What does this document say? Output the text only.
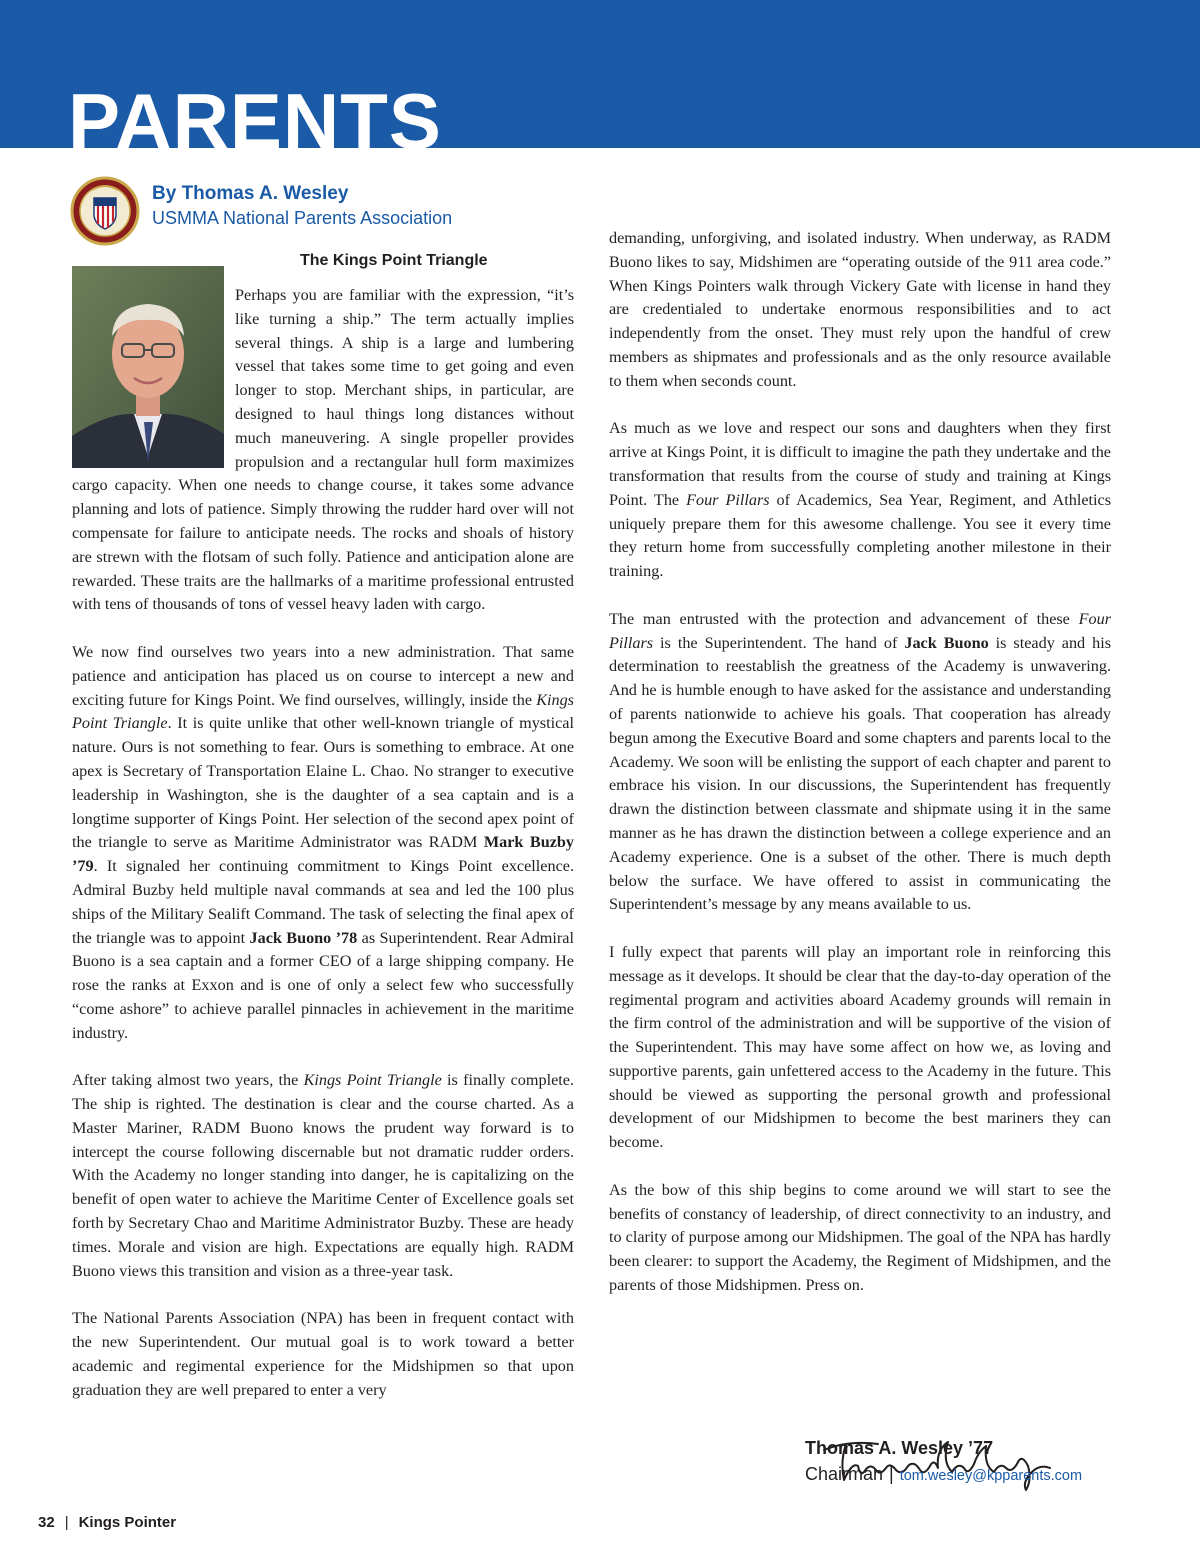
PARENTS
By Thomas A. Wesley
USMMA National Parents Association
The Kings Point Triangle

Perhaps you are familiar with the expression, “it’s like turning a ship.” The term actually implies several things. A ship is a large and lumbering vessel that takes some time to get going and even longer to stop. Merchant ships, in particular, are designed to haul things long distances without much maneuvering. A single propeller provides propulsion and a rectangular hull form maximizes cargo capacity. When one needs to change course, it takes some advance planning and lots of patience. Simply throwing the rudder hard over will not compensate for failure to anticipate needs. The rocks and shoals of history are strewn with the flotsam of such folly. Patience and anticipation alone are rewarded. These traits are the hallmarks of a maritime professional entrusted with tens of thousands of tons of vessel heavy laden with cargo.

We now find ourselves two years into a new administration. That same patience and anticipation has placed us on course to intercept a new and exciting future for Kings Point. We find ourselves, willingly, inside the Kings Point Triangle. It is quite unlike that other well-known triangle of mystical nature. Ours is not something to fear. Ours is something to embrace. At one apex is Secretary of Transportation Elaine L. Chao. No stranger to executive leadership in Washington, she is the daughter of a sea captain and is a longtime supporter of Kings Point. Her selection of the second apex point of the triangle to serve as Maritime Administrator was RADM Mark Buzby ’79. It signaled her continuing commitment to Kings Point excellence. Admiral Buzby held multiple naval commands at sea and led the 100 plus ships of the Military Sealift Command. The task of selecting the final apex of the triangle was to appoint Jack Buono ’78 as Superintendent. Rear Admiral Buono is a sea captain and a former CEO of a large shipping company. He rose the ranks at Exxon and is one of only a select few who successfully “come ashore” to achieve parallel pinnacles in achievement in the maritime industry.

After taking almost two years, the Kings Point Triangle is finally complete. The ship is righted. The destination is clear and the course charted. As a Master Mariner, RADM Buono knows the prudent way forward is to intercept the course following discernable but not dramatic rudder orders. With the Academy no longer standing into danger, he is capitalizing on the benefit of open water to achieve the Maritime Center of Excellence goals set forth by Secretary Chao and Maritime Administrator Buzby. These are heady times. Morale and vision are high. Expectations are equally high. RADM Buono views this transition and vision as a three-year task.

The National Parents Association (NPA) has been in frequent contact with the new Superintendent. Our mutual goal is to work toward a better academic and regimental experience for the Midshipmen so that upon graduation they are well prepared to enter a very

demanding, unforgiving, and isolated industry. When underway, as RADM Buono likes to say, Midshimen are “operating outside of the 911 area code.” When Kings Pointers walk through Vickery Gate with license in hand they are credentialed to undertake enormous responsibilities and to act independently from the onset. They must rely upon the handful of crew members as shipmates and professionals and as the only resource available to them when seconds count.

As much as we love and respect our sons and daughters when they first arrive at Kings Point, it is difficult to imagine the path they undertake and the transformation that results from the course of study and training at Kings Point. The Four Pillars of Academics, Sea Year, Regiment, and Athletics uniquely prepare them for this awesome challenge. You see it every time they return home from successfully completing another milestone in their training.

The man entrusted with the protection and advancement of these Four Pillars is the Superintendent. The hand of Jack Buono is steady and his determination to reestablish the greatness of the Academy is unwavering. And he is humble enough to have asked for the assistance and understanding of parents nationwide to achieve his goals. That cooperation has already begun among the Executive Board and some chapters and parents local to the Academy. We soon will be enlisting the support of each chapter and parent to embrace his vision. In our discussions, the Superintendent has frequently drawn the distinction between classmate and shipmate using it in the same manner as he has drawn the distinction between a college experience and an Academy experience. One is a subset of the other. There is much depth below the surface. We have offered to assist in communicating the Superintendent’s message by any means available to us.

I fully expect that parents will play an important role in reinforcing this message as it develops. It should be clear that the day-to-day operation of the regimental program and activities aboard Academy grounds will remain in the firm control of the administration and will be supportive of the vision of the Superintendent. This may have some affect on how we, as loving and supportive parents, gain unfettered access to the Academy in the future. This should be viewed as supporting the personal growth and professional development of our Midshipmen to become the best mariners they can become.

As the bow of this ship begins to come around we will start to see the benefits of constancy of leadership, of direct connectivity to an industry, and to clarity of purpose among our Midshipmen. The goal of the NPA has hardly been clearer: to support the Academy, the Regiment of Midshipmen, and the parents of those Midshipmen. Press on.

Thomas A. Wesley ’77
Chairman | tom.wesley@kpparents.com
32 | Kings Pointer
